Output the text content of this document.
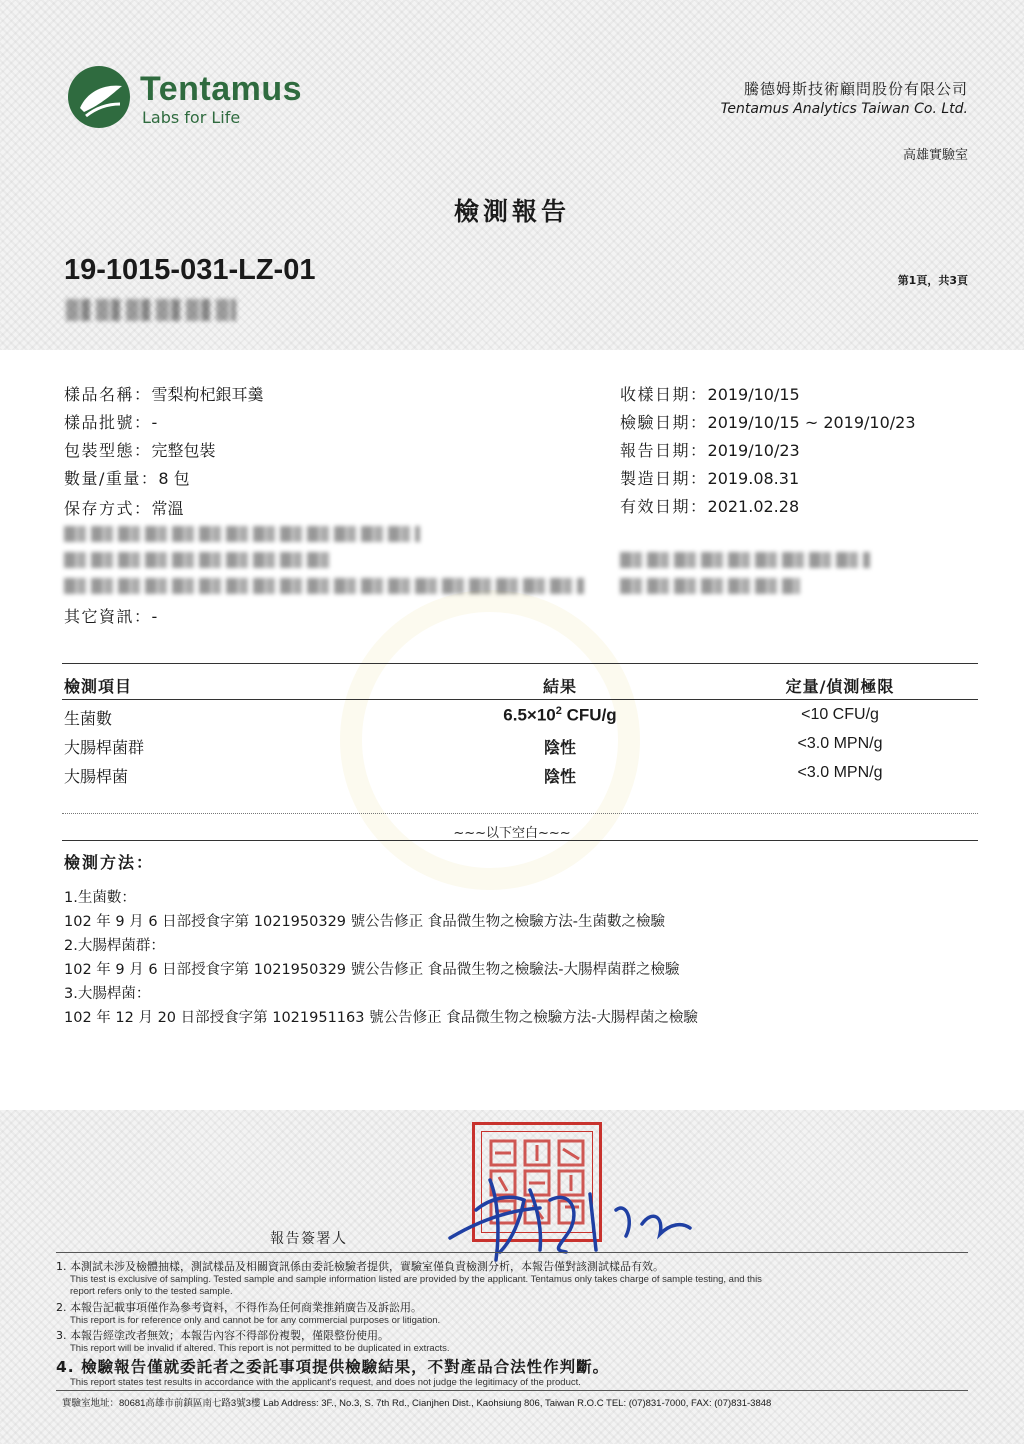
Tentamus
Labs for Life
騰德姆斯技術顧問股份有限公司
Tentamus Analytics Taiwan Co. Ltd.
高雄實驗室
檢測報告
19-1015-031-LZ-01	第1頁，共3頁
樣品名稱：雪梨枸杞銀耳羹
樣品批號：-
包裝型態：完整包裝
數量/重量：8 包
保存方式：常溫
其它資訊：-
收樣日期：2019/10/15
檢驗日期：2019/10/15 ~ 2019/10/23
報告日期：2019/10/23
製造日期：2019.08.31
有效日期：2021.02.28
檢測項目	結果	定量/偵測極限
生菌數	$6.5\times 10^2$ CFU/g	<10 CFU/g
大腸桿菌群	陰性	<3.0 MPN/g
大腸桿菌	陰性	<3.0 MPN/g
~~~以下空白~~~
檢測方法：
1.生菌數：
102 年 9 月 6 日部授食字第 1021950329 號公告修正 食品微生物之檢驗方法-生菌數之檢驗
2.大腸桿菌群：
102 年 9 月 6 日部授食字第 1021950329 號公告修正 食品微生物之檢驗法-大腸桿菌群之檢驗
3.大腸桿菌：
102 年 12 月 20 日部授食字第 1021951163 號公告修正 食品微生物之檢驗方法-大腸桿菌之檢驗
報告簽署人
1. 本測試未涉及檢體抽樣，測試樣品及相關資訊係由委託檢驗者提供，實驗室僅負責檢測分析，本報告僅對該測試樣品有效。
This test is exclusive of sampling. Tested sample and sample information listed are provided by the applicant. Tentamus only takes charge of sample testing, and this
report refers only to the tested sample.
2. 本報告記載事項僅作為參考資料，不得作為任何商業推銷廣告及訴訟用。
This report is for reference only and cannot be for any commercial purposes or litigation.
3. 本報告經塗改者無效；本報告內容不得部份複製，僅限整份使用。
This report will be invalid if altered. This report is not permitted to be duplicated in extracts.
4. 檢驗報告僅就委託者之委託事項提供檢驗結果，不對產品合法性作判斷。
This report states test results in accordance with the applicant's request, and does not judge the legitimacy of the product.
實驗室地址：80681高雄市前鎮區南七路3號3樓 Lab Address: 3F., No.3, S. 7th Rd., Cianjhen Dist., Kaohsiung 806, Taiwan R.O.C TEL: (07)831-7000, FAX: (07)831-3848
